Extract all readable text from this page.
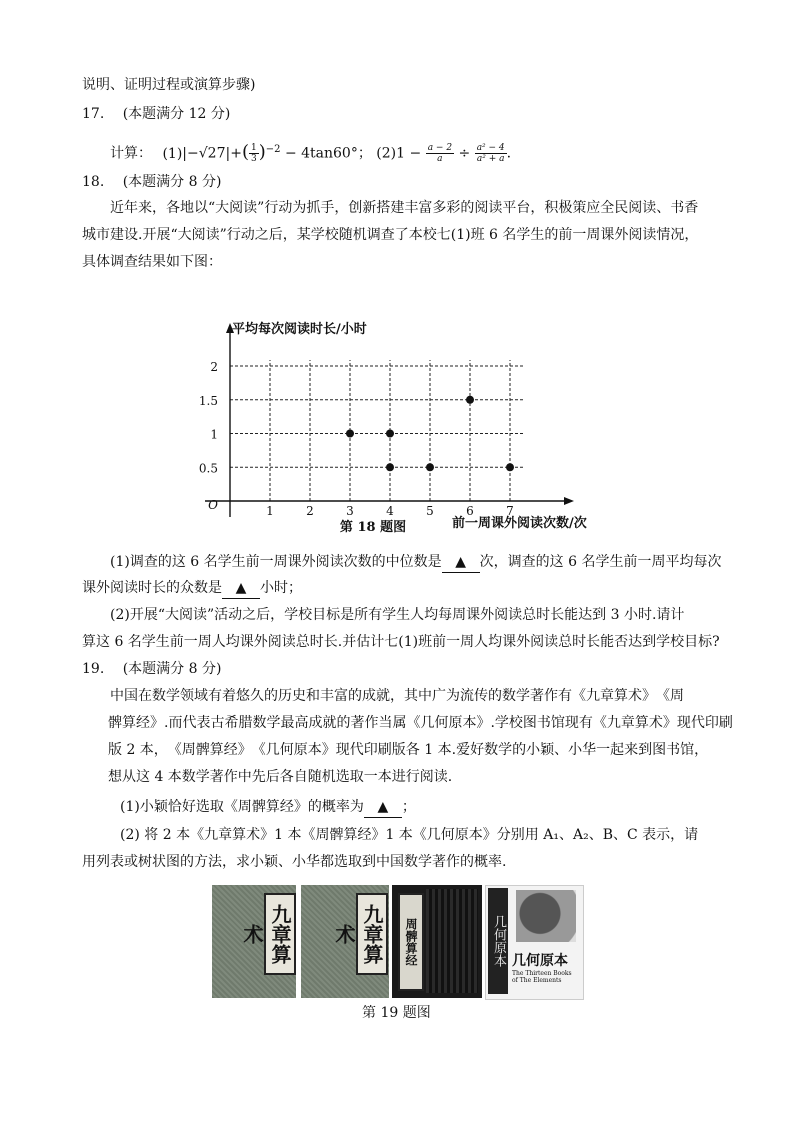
说明、证明过程或演算步骤)
17. (本题满分 12 分)
计算： $(1)|-√27|+( \frac{1}{3} )^{-2} - 4\tan 60^\circ$； $(2)1 - \frac{a - 2}{a} \div \frac{\text{a² − 4}}{\text{a² + a}}$ .
18. (本题满分 8 分)
近年来，各地以“大阅读”行动为抓手，创新搭建丰富多彩的阅读平台，积极策应全民阅读、书香
城市建设.开展“大阅读”行动之后，某学校随机调查了本校七(1)班 6 名学生的前一周课外阅读情况，
具体调查结果如下图：
1	2	3	4	5	6	7
0.5
1
1.5
2
O
平均每次阅读时长/小时
前一周课外阅读次数/次
第 18 题图
(1)调查的这 6 名学生前一周课外阅读次数的中位数是 ▲ 次，调查的这 6 名学生前一周平均每次
课外阅读时长的众数是 ▲ 小时；
(2)开展“大阅读”活动之后，学校目标是所有学生人均每周课外阅读总时长能达到 3 小时.请计
算这 6 名学生前一周人均课外阅读总时长.并估计七(1)班前一周人均课外阅读总时长能否达到学校目标?
19. (本题满分 8 分)
中国在数学领域有着悠久的历史和丰富的成就，其中广为流传的数学著作有《九章算术》　《周
髀算经》.而代表古希腊数学最高成就的著作当属《几何原本》.学校图书馆现有《九章算术》现代印刷
版 2 本，　《周髀算经》　《几何原本》现代印刷版各 1 本.爱好数学的小颖、小华一起来到图书馆，
想从这 4 本数学著作中先后各自随机选取一本进行阅读.
(1)小颖恰好选取《周髀算经》的概率为 ▲ ；
(2) 将 2 本《九章算术》1 本《周髀算经》1 本《几何原本》分别用 A₁、A₂、B、C 表示，请
用列表或树状图的方法，求小颖、小华都选取到中国数学著作的概率.
九章算术	九章算术	周髀算经	几何原本 几何原本
The Thirteen Books of The Elements
第 19 题图
